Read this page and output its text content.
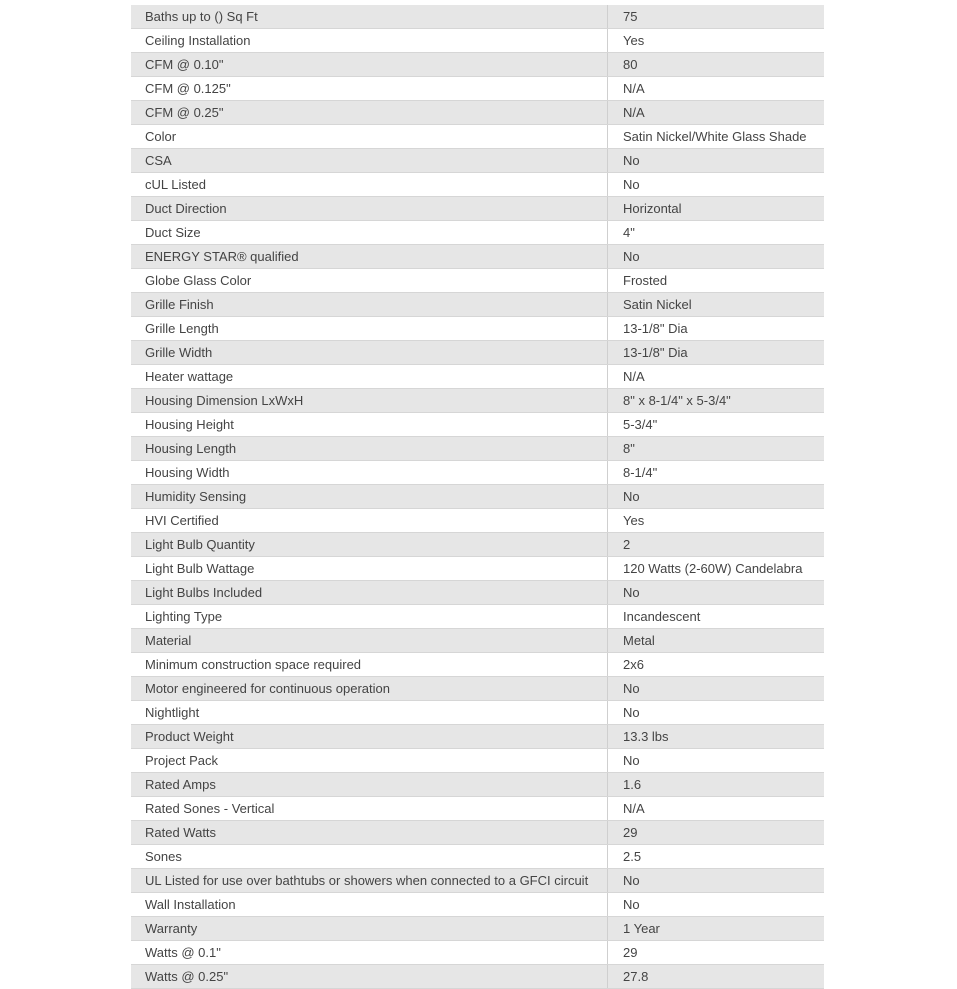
Baths up to () Sq Ft	75
Ceiling Installation	Yes
CFM @ 0.10"	80
CFM @ 0.125"	N/A
CFM @ 0.25"	N/A
Color	Satin Nickel/White Glass Shade
CSA	No
cUL Listed	No
Duct Direction	Horizontal
Duct Size	4"
ENERGY STAR® qualified	No
Globe Glass Color	Frosted
Grille Finish	Satin Nickel
Grille Length	13-1/8" Dia
Grille Width	13-1/8" Dia
Heater wattage	N/A
Housing Dimension LxWxH	8" x 8-1/4" x 5-3/4"
Housing Height	5-3/4"
Housing Length	8"
Housing Width	8-1/4"
Humidity Sensing	No
HVI Certified	Yes
Light Bulb Quantity	2
Light Bulb Wattage	120 Watts (2-60W) Candelabra
Light Bulbs Included	No
Lighting Type	Incandescent
Material	Metal
Minimum construction space required	2x6
Motor engineered for continuous operation	No
Nightlight	No
Product Weight	13.3 lbs
Project Pack	No
Rated Amps	1.6
Rated Sones - Vertical	N/A
Rated Watts	29
Sones	2.5
UL Listed for use over bathtubs or showers when connected to a GFCI circuit	No
Wall Installation	No
Warranty	1 Year
Watts @ 0.1"	29
Watts @ 0.25"	27.8
